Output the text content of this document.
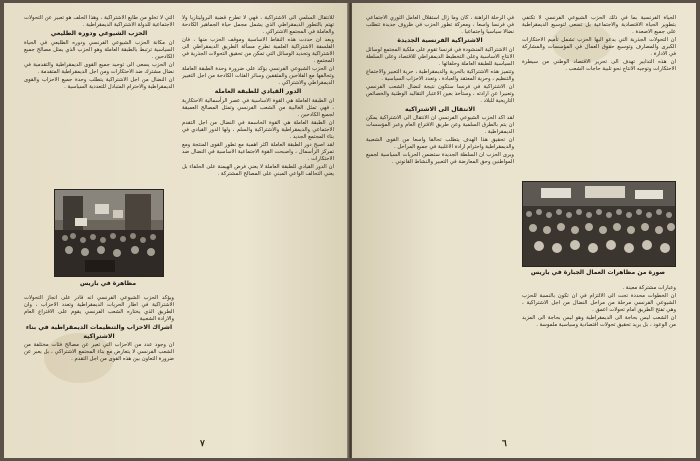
للانتقال السلمي الى الاشتراكية ، فهي لا تطرح قضية البروليتاريا ولا تهتم بالتطور الديمقراطي الذي يشمل مجمل حياة الجماهير الكادحة والعاملة في المجتمع الاشتراكي .

وبعد ان حددت هذه النقاط الاساسية وموقف الحزب منها ، فان الفلسفة الاشتراكية العلمية تطرح مسألة الطريق الديمقراطي الى الاشتراكية وتحديد الوسائل التي تمكن من تحقيق التحولات الجذرية في المجتمع .

ان الحزب الشيوعي الفرنسي يؤكد على ضرورة وحدة الطبقة العاملة وتحالفها مع الفلاحين والمثقفين وسائر الفئات الكادحة من اجل التغيير الديمقراطي والاشتراكي .

الدور القيادي للطبقة العاملة

ان الطبقة العاملة هي القوة الاساسية في عصر الرأسمالية الاحتكارية ، فهي تمثل الغالبية من الشعب الفرنسي وتمثل المصالح العميقة لجميع الكادحين .

ان الطبقة العاملة هي القوة الحاسمة في النضال من اجل التقدم الاجتماعي والديمقراطية والاشتراكية والسلم ، ولها الدور القيادي في بناء المجتمع الجديد .

لقد اصبح دور الطبقة العاملة اكثر اهمية مع تطور القوى المنتجة ومع تمركز الرأسمال ، واصبحت القوة الاجتماعية الاساسية في النضال ضد الاحتكارات .

ان الدور القيادي للطبقة العاملة لا يعني فرض الهيمنة على الحلفاء بل يعني التحالف الواعي المبني على المصالح المشتركة .

التي لا تخلو من طابع الاشتراكية ، وهذا الحلف هو تعبير عن التحولات الاجتماعية للدولة الاشتراكية الديمقراطية .

الحزب الشيوعي ودوره الطليعي

ان مكانة الحزب الشيوعي الفرنسي ودوره الطليعي في الحياة السياسية ترتبط بالطبقة العاملة وهو الحزب الذي يمثل مصالح جميع الكادحين .

ان الحزب يسعى الى توحيد جميع القوى الديمقراطية والتقدمية في نضال مشترك ضد الاحتكارات ومن اجل الديمقراطية المتقدمة .

ان النضال من اجل الاشتراكية يتطلب وحدة جميع الاحزاب والقوى الديمقراطية والاحترام المتبادل للتعددية السياسية .

مظاهرة في باريس

ويؤكد الحزب الشيوعي الفرنسي انه قادر على انجاز التحولات الاشتراكية في اطار الحريات الديمقراطية وتعدد الاحزاب ، وان الطريق الذي يختاره الشعب الفرنسي يقوم على الاقتراع العام والارادة الشعبية .

اشراك الاحزاب والتنظيمات الديمقراطية في بناء الاشتراكية

ان وجود عدد من الاحزاب التي تعبر عن مصالح فئات مختلفة من الشعب الفرنسي لا يتعارض مع بناء المجتمع الاشتراكي ، بل يعبر عن ضرورة التعاون بين هذه القوى من اجل التقدم .

٧

في الرحلة الراهنة ، كان وما زال استقلال العامل الثوري الاجتماعي في فرنسا واسعا ، ومعركة تطور الحزب في ظروف جديدة تتطلب نضالا سياسيا واجتماعيا .

الاشتراكية الفرنسية الجديدة

ان الاشتراكية المنشودة في فرنسا تقوم على ملكية المجتمع لوسائل الانتاج الاساسية وعلى التخطيط الديمقراطي للاقتصاد وعلى السلطة السياسية للطبقة العاملة وحلفائها .

وتتميز هذه الاشتراكية بالحرية والديمقراطية ، حرية التعبير والاجتماع والتنظيم ، وحرية المعتقد والعبادة ، وتعدد الاحزاب السياسية .

ان الاشتراكية في فرنسا ستكون نتيجة لنضال الشعب الفرنسي وتعبيرا عن ارادته ، وستأخذ بعين الاعتبار التقاليد الوطنية والخصائص التاريخية للبلاد .

الانتقال الى الاشتراكية

لقد اكد الحزب الشيوعي الفرنسي ان الانتقال الى الاشتراكية يمكن ان يتم بالطرق السلمية وعن طريق الاقتراع العام وعبر المؤسسات الديمقراطية .

ان تحقيق هذا الهدف يتطلب تحالفا واسعا من القوى الشعبية والديمقراطية واحترام ارادة الاغلبية في جميع المراحل .

ويرى الحزب ان السلطة الجديدة ستضمن الحريات السياسية لجميع المواطنين وحق المعارضة في التعبير والنشاط القانوني .

الحياة الفرنسية بما في ذلك الحزب الشيوعي الفرنسي لا تكتفي بتطوير الحياة الاقتصادية والاجتماعية بل تسعى لتوسيع الديمقراطية على جميع الاصعدة .

ان التحولات الجذرية التي يدعو اليها الحزب تشمل تأميم الاحتكارات الكبرى والمصارف وتوسيع حقوق العمال في المؤسسات والمشاركة في الادارة .

ان هذه التدابير تهدف الى تحرير الاقتصاد الوطني من سيطرة الاحتكارات وتوجيه الانتاج نحو تلبية حاجات الشعب .

صورة من مظاهرات العمال الجبارة في باريس

وعبارات مشتركة معينة .

ان الخطوات محددة تحت الى الالتزام في ان تكون بالنسبة للحزب الشيوعي الفرنسي مرحلة من مراحل النضال من اجل الاشتراكية ، وهي تفتح الطريق امام تحولات اعمق .

ان الشعب ليس بحاجة الى الديمقراطية وهو ليس بحاجة الى المزيد من الوعود ، بل يريد تحقيق تحولات اقتصادية وسياسية ملموسة .

٦
